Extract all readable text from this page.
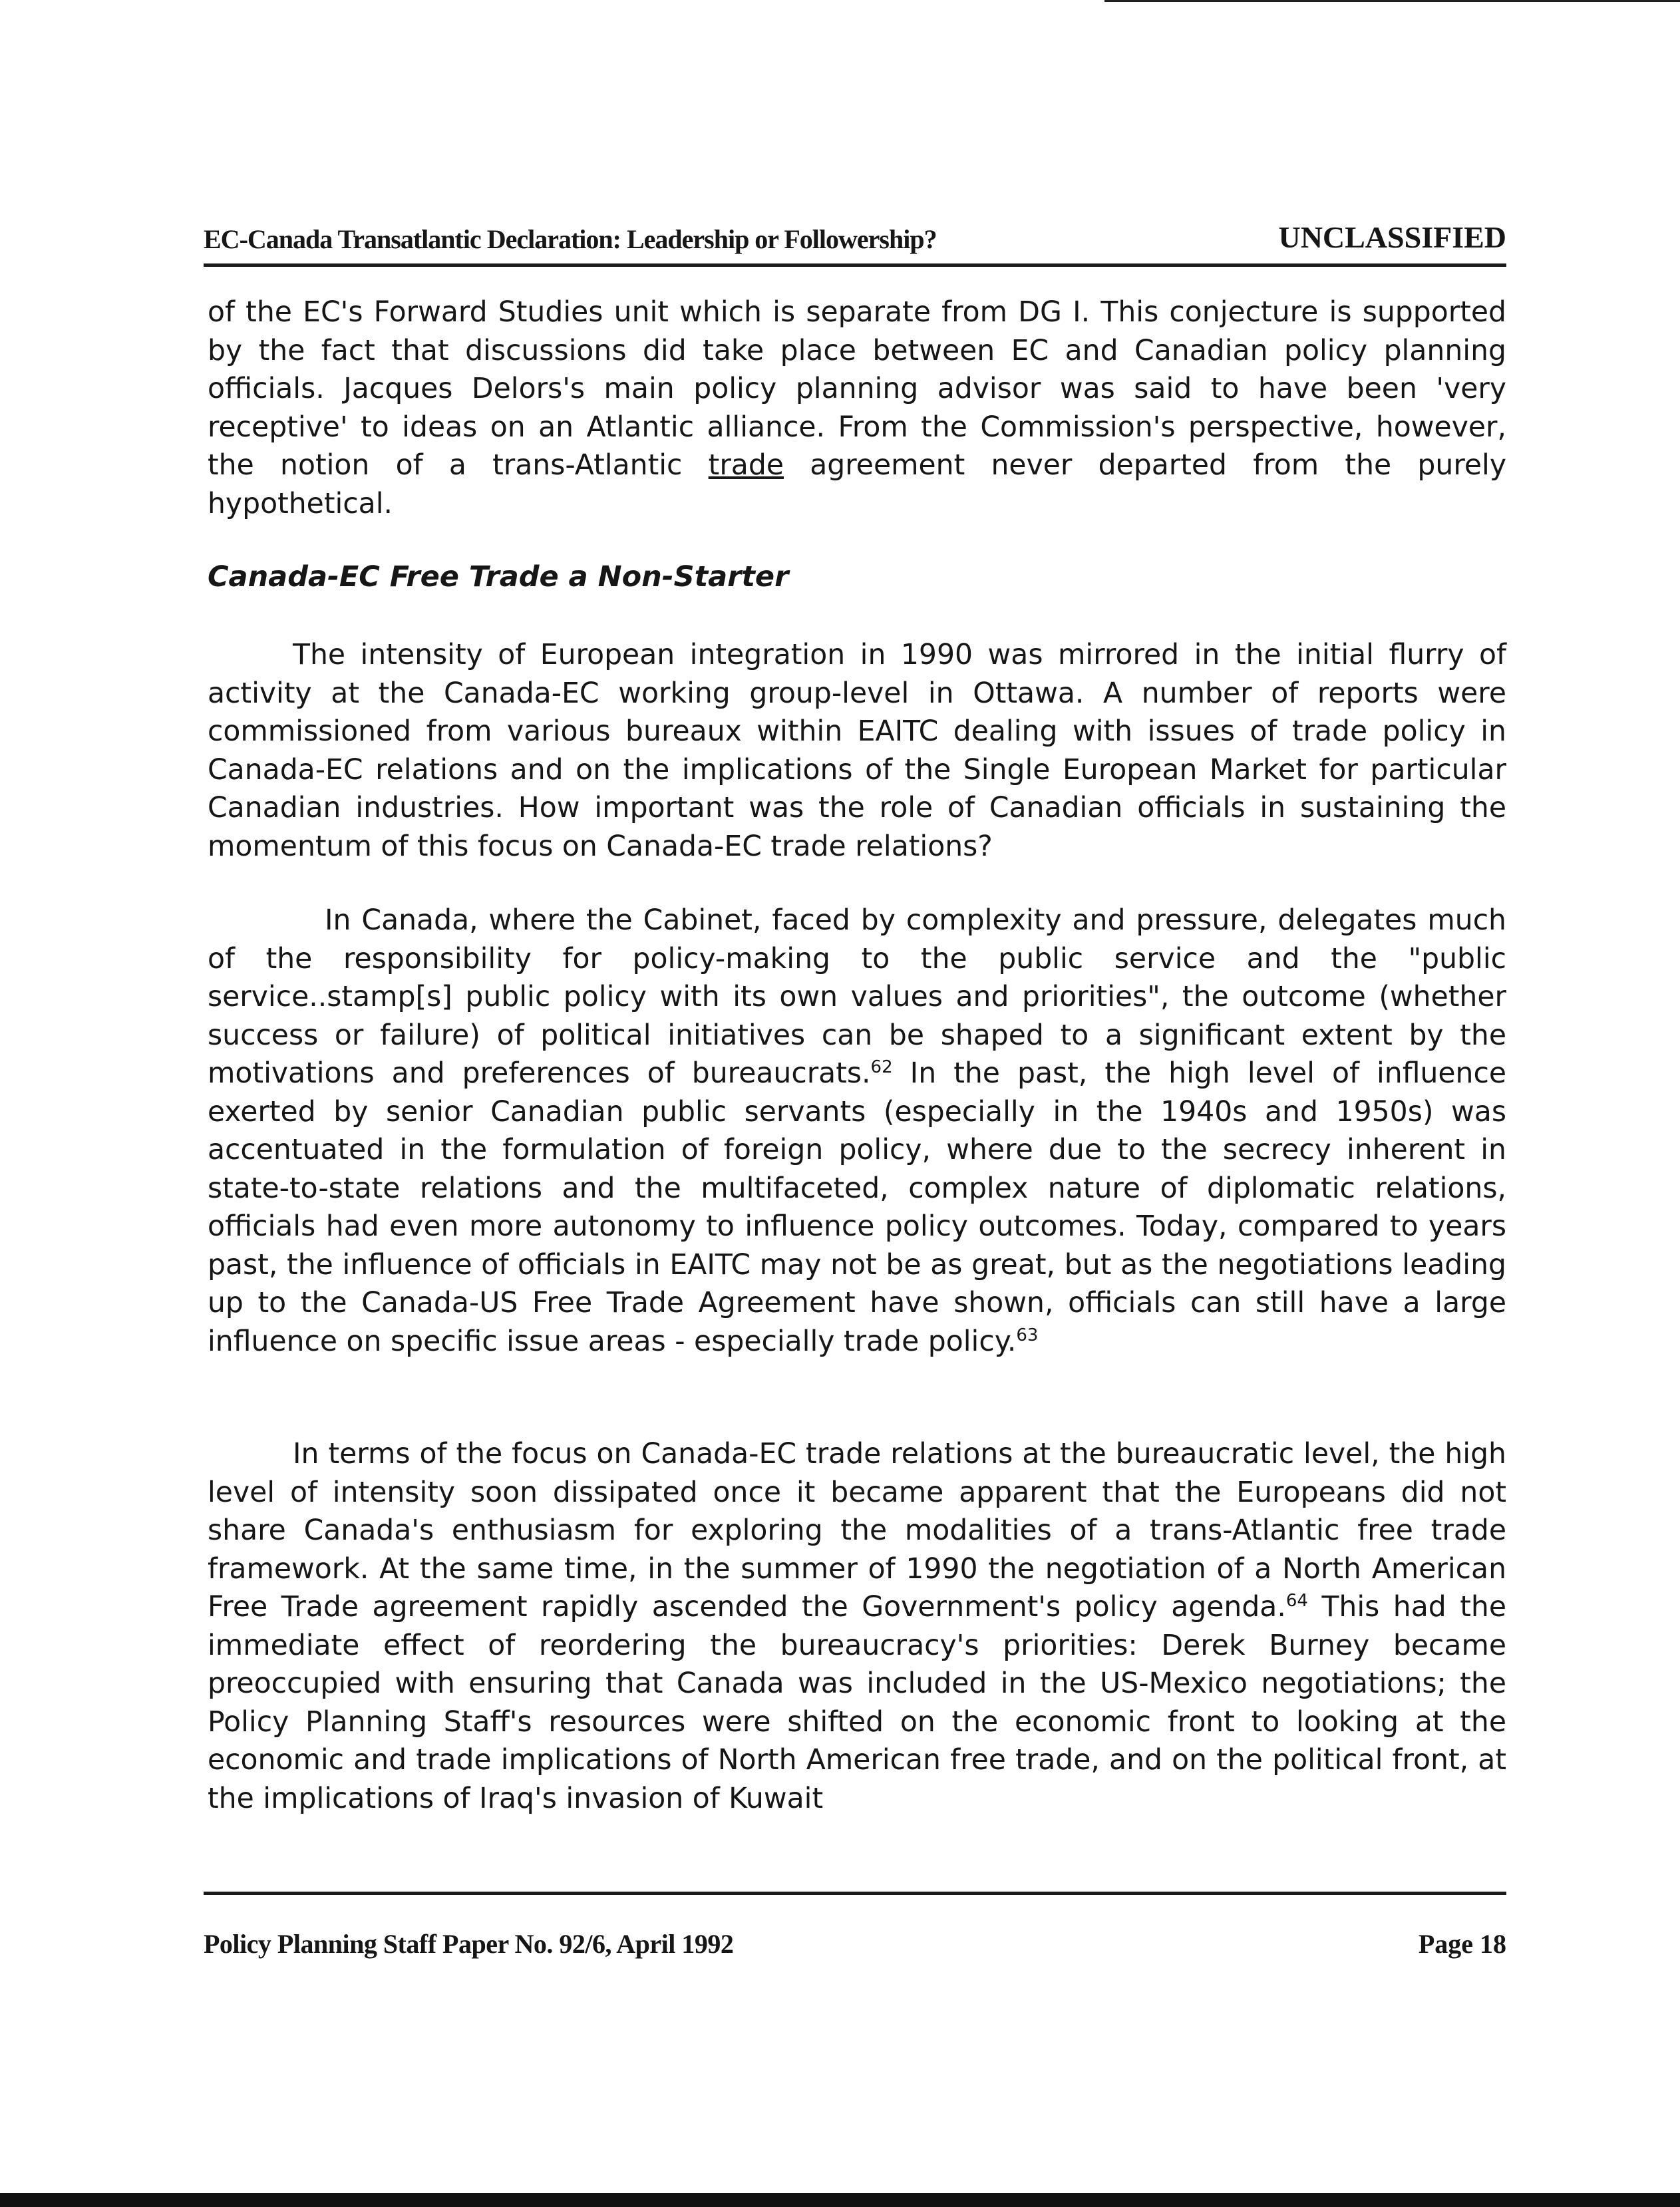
EC-Canada Transatlantic Declaration: Leadership or Followership?	UNCLASSIFIED

of the EC's Forward Studies unit which is separate from DG I. This conjecture is supported by the fact that discussions did take place between EC and Canadian policy planning officials. Jacques Delors's main policy planning advisor was said to have been 'very receptive' to ideas on an Atlantic alliance. From the Commission's perspective, however, the notion of a trans-Atlantic trade agreement never departed from the purely hypothetical.

Canada-EC Free Trade a Non-Starter

The intensity of European integration in 1990 was mirrored in the initial flurry of activity at the Canada-EC working group-level in Ottawa. A number of reports were commissioned from various bureaux within EAITC dealing with issues of trade policy in Canada-EC relations and on the implications of the Single European Market for particular Canadian industries. How important was the role of Canadian officials in sustaining the momentum of this focus on Canada-EC trade relations?

In Canada, where the Cabinet, faced by complexity and pressure, delegates much of the responsibility for policy-making to the public service and the "public service..stamp[s] public policy with its own values and priorities", the outcome (whether success or failure) of political initiatives can be shaped to a significant extent by the motivations and preferences of bureaucrats.$^{62}$ In the past, the high level of influence exerted by senior Canadian public servants (especially in the 1940s and 1950s) was accentuated in the formulation of foreign policy, where due to the secrecy inherent in state-to-state relations and the multifaceted, complex nature of diplomatic relations, officials had even more autonomy to influence policy outcomes. Today, compared to years past, the influence of officials in EAITC may not be as great, but as the negotiations leading up to the Canada-US Free Trade Agreement have shown, officials can still have a large influence on specific issue areas - especially trade policy.$^{63}$

In terms of the focus on Canada-EC trade relations at the bureaucratic level, the high level of intensity soon dissipated once it became apparent that the Europeans did not share Canada's enthusiasm for exploring the modalities of a trans-Atlantic free trade framework. At the same time, in the summer of 1990 the negotiation of a North American Free Trade agreement rapidly ascended the Government's policy agenda.$^{64}$ This had the immediate effect of reordering the bureaucracy's priorities: Derek Burney became preoccupied with ensuring that Canada was included in the US-Mexico negotiations; the Policy Planning Staff's resources were shifted on the economic front to looking at the economic and trade implications of North American free trade, and on the political front, at the implications of Iraq's invasion of Kuwait

Policy Planning Staff Paper No. 92/6, April 1992	Page 18
